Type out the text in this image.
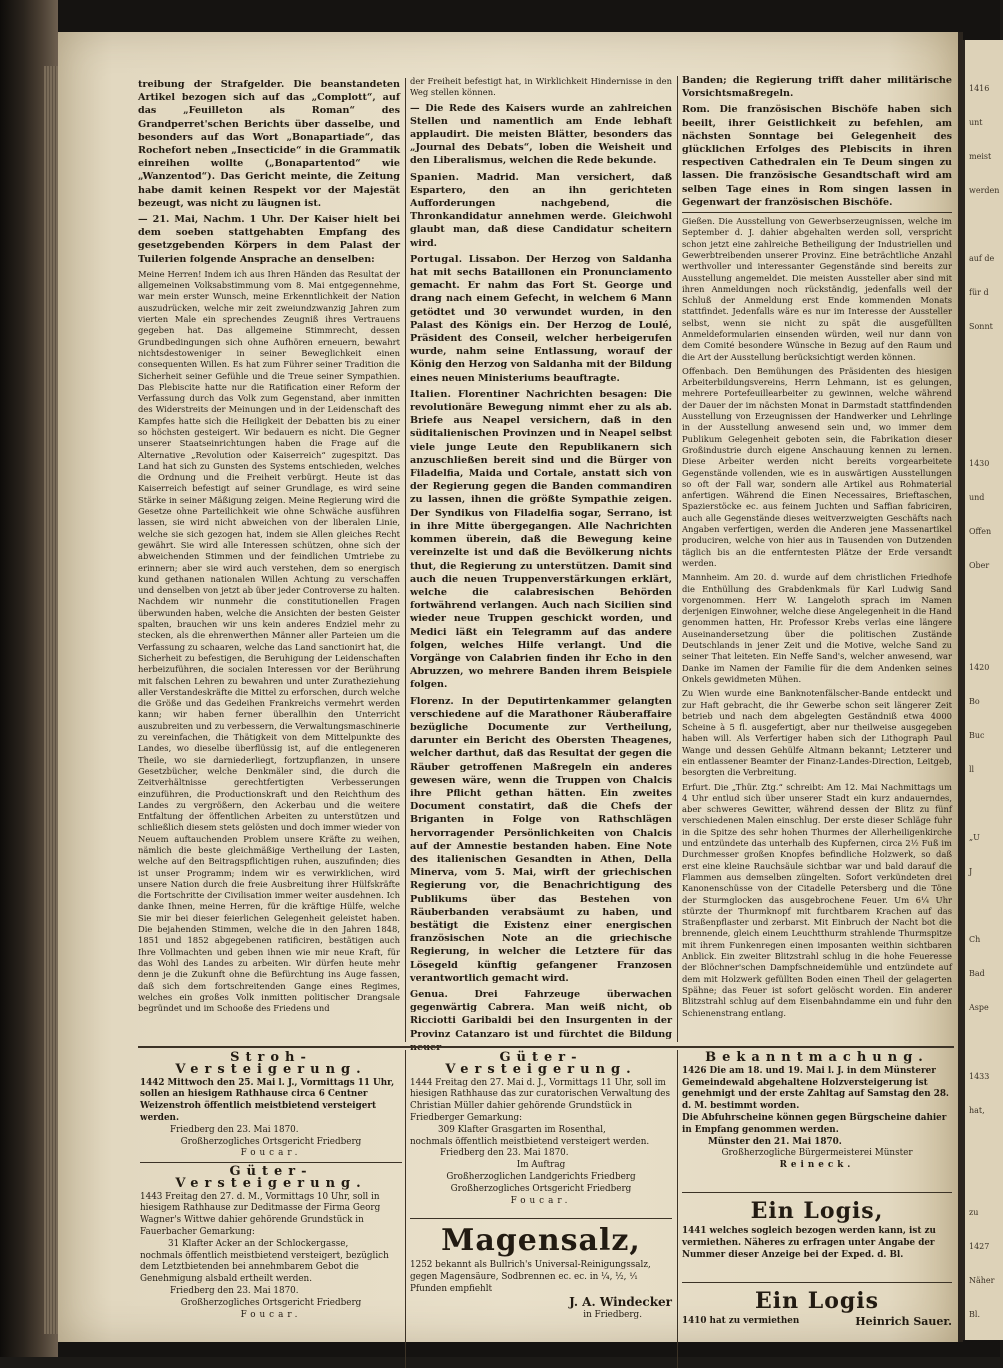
treibung der Strafgelder. Die beanstandeten Artikel bezogen sich auf das „Complott“, auf das „Feuilleton als Roman“ des Grandperret'schen Berichts über dasselbe, und besonders auf das Wort „Bonapartiade“, das Rochefort neben „Insecticide“ in die Grammatik einreihen wollte („Bonapartentod“ wie „Wanzentod“). Das Gericht meinte, die Zeitung habe damit keinen Respekt vor der Majestät bezeugt, was nicht zu läugnen ist.

— 21. Mai, Nachm. 1 Uhr. Der Kaiser hielt bei dem soeben stattgehabten Empfang des gesetzgebenden Körpers in dem Palast der Tuilerien folgende Ansprache an denselben:

Meine Herren! Indem ich aus Ihren Händen das Resultat der allgemeinen Volksabstimmung vom 8. Mai entgegennehme, war mein erster Wunsch, meine Erkenntlichkeit der Nation auszudrücken, welche mir zeit zweiundzwanzig Jahren zum vierten Male ein sprechendes Zeugniß ihres Vertrauens gegeben hat. Das allgemeine Stimmrecht, dessen Grundbedingungen sich ohne Aufhören erneuern, bewahrt nichtsdestoweniger in seiner Beweglichkeit einen consequenten Willen. Es hat zum Führer seiner Tradition die Sicherheit seiner Gefühle und die Treue seiner Sympathien. Das Plebiscite hatte nur die Ratification einer Reform der Verfassung durch das Volk zum Gegenstand, aber inmitten des Widerstreits der Meinungen und in der Leidenschaft des Kampfes hatte sich die Heiligkeit der Debatten bis zu einer so höchsten gesteigert. Wir bedauern es nicht. Die Gegner unserer Staatseinrichtungen haben die Frage auf die Alternative „Revolution oder Kaiserreich“ zugespitzt. Das Land hat sich zu Gunsten des Systems entschieden, welches die Ordnung und die Freiheit verbürgt. Heute ist das Kaiserreich befestigt auf seiner Grundlage, es wird seine Stärke in seiner Mäßigung zeigen. Meine Regierung wird die Gesetze ohne Parteilichkeit wie ohne Schwäche ausführen lassen, sie wird nicht abweichen von der liberalen Linie, welche sie sich gezogen hat, indem sie Allen gleiches Recht gewährt. Sie wird alle Interessen schützen, ohne sich der abweichenden Stimmen und der feindlichen Umtriebe zu erinnern; aber sie wird auch verstehen, dem so energisch kund gethanen nationalen Willen Achtung zu verschaffen und denselben von jetzt ab über jeder Controverse zu halten. Nachdem wir nunmehr die constitutionellen Fragen überwunden haben, welche die Ansichten der besten Geister spalten, brauchen wir uns kein anderes Endziel mehr zu stecken, als die ehrenwerthen Männer aller Parteien um die Verfassung zu schaaren, welche das Land sanctionirt hat, die Sicherheit zu befestigen, die Beruhigung der Leidenschaften herbeizuführen, die socialen Interessen vor der Berührung mit falschen Lehren zu bewahren und unter Zuratheziehung aller Verstandeskräfte die Mittel zu erforschen, durch welche die Größe und das Gedeihen Frankreichs vermehrt werden kann; wir haben ferner überallhin den Unterricht auszubreiten und zu verbessern, die Verwaltungsmaschinerie zu vereinfachen, die Thätigkeit von dem Mittelpunkte des Landes, wo dieselbe überflüssig ist, auf die entlegeneren Theile, wo sie darniederliegt, fortzupflanzen, in unsere Gesetzbücher, welche Denkmäler sind, die durch die Zeitverhältnisse gerechtfertigten Verbesserungen einzuführen, die Productionskraft und den Reichthum des Landes zu vergrößern, den Ackerbau und die weitere Entfaltung der öffentlichen Arbeiten zu unterstützen und schließlich diesem stets gelösten und doch immer wieder von Neuem auftauchenden Problem unsere Kräfte zu weihen, nämlich die beste gleichmäßige Vertheilung der Lasten, welche auf den Beitragspflichtigen ruhen, auszufinden; dies ist unser Programm; indem wir es verwirklichen, wird unsere Nation durch die freie Ausbreitung ihrer Hülfskräfte die Fortschritte der Civilisation immer weiter ausdehnen. Ich danke Ihnen, meine Herren, für die kräftige Hülfe, welche Sie mir bei dieser feierlichen Gelegenheit geleistet haben. Die bejahenden Stimmen, welche die in den Jahren 1848, 1851 und 1852 abgegebenen ratificiren, bestätigen auch Ihre Vollmachten und geben ihnen wie mir neue Kraft, für das Wohl des Landes zu arbeiten. Wir dürfen heute mehr denn je die Zukunft ohne die Befürchtung ins Auge fassen, daß sich dem fortschreitenden Gange eines Regimes, welches ein großes Volk inmitten politischer Drangsale begründet und im Schooße des Friedens und

der Freiheit befestigt hat, in Wirklichkeit Hindernisse in den Weg stellen können.

— Die Rede des Kaisers wurde an zahlreichen Stellen und namentlich am Ende lebhaft applaudirt. Die meisten Blätter, besonders das „Journal des Debats“, loben die Weisheit und den Liberalismus, welchen die Rede bekunde.

Spanien. Madrid. Man versichert, daß Espartero, den an ihn gerichteten Aufforderungen nachgebend, die Thronkandidatur annehmen werde. Gleichwohl glaubt man, daß diese Candidatur scheitern wird.

Portugal. Lissabon. Der Herzog von Saldanha hat mit sechs Bataillonen ein Pronunciamento gemacht. Er nahm das Fort St. George und drang nach einem Gefecht, in welchem 6 Mann getödtet und 30 verwundet wurden, in den Palast des Königs ein. Der Herzog de Loulé, Präsident des Conseil, welcher herbeigerufen wurde, nahm seine Entlassung, worauf der König den Herzog von Saldanha mit der Bildung eines neuen Ministeriums beauftragte.

Italien. Florentiner Nachrichten besagen: Die revolutionäre Bewegung nimmt eher zu als ab. Briefe aus Neapel versichern, daß in den süditalienischen Provinzen und in Neapel selbst viele junge Leute den Republikanern sich anzuschließen bereit sind und die Bürger von Filadelfia, Maida und Cortale, anstatt sich von der Regierung gegen die Banden commandiren zu lassen, ihnen die größte Sympathie zeigen. Der Syndikus von Filadelfia sogar, Serrano, ist in ihre Mitte übergegangen. Alle Nachrichten kommen überein, daß die Bewegung keine vereinzelte ist und daß die Bevölkerung nichts thut, die Regierung zu unterstützen. Damit sind auch die neuen Truppenverstärkungen erklärt, welche die calabresischen Behörden fortwährend verlangen. Auch nach Sicilien sind wieder neue Truppen geschickt worden, und Medici läßt ein Telegramm auf das andere folgen, welches Hilfe verlangt. Und die Vorgänge von Calabrien finden ihr Echo in den Abruzzen, wo mehrere Banden ihrem Beispiele folgen.

Florenz. In der Deputirtenkammer gelangten verschiedene auf die Marathoner Räuberaffaire bezügliche Documente zur Vertheilung, darunter ein Bericht des Obersten Theagenes, welcher darthut, daß das Resultat der gegen die Räuber getroffenen Maßregeln ein anderes gewesen wäre, wenn die Truppen von Chalcis ihre Pflicht gethan hätten. Ein zweites Document constatirt, daß die Chefs der Briganten in Folge von Rathschlägen hervorragender Persönlichkeiten von Chalcis auf der Amnestie bestanden haben. Eine Note des italienischen Gesandten in Athen, Della Minerva, vom 5. Mai, wirft der griechischen Regierung vor, die Benachrichtigung des Publikums über das Bestehen von Räuberbanden verabsäumt zu haben, und bestätigt die Existenz einer energischen französischen Note an die griechische Regierung, in welcher die Letztere für das Lösegeld künftig gefangener Franzosen verantwortlich gemacht wird.

Genua. Drei Fahrzeuge überwachen gegenwärtig Cabrera. Man weiß nicht, ob Ricciotti Garibaldi bei den Insurgenten in der Provinz Catanzaro ist und fürchtet die Bildung

Banden; die Regierung trifft daher militärische Vorsichtsmaßregeln.

Rom. Die französischen Bischöfe haben sich beeilt, ihrer Geistlichkeit zu befehlen, am nächsten Sonntage bei Gelegenheit des glücklichen Erfolges des Plebiscits in ihren respectiven Cathedralen ein Te Deum singen zu lassen. Die französische Gesandtschaft wird am selben Tage eines in Rom singen lassen in Gegenwart der französischen Bischöfe.

Gießen. Die Ausstellung von Gewerbserzeugnissen, welche im September d. J. dahier abgehalten werden soll, verspricht schon jetzt eine zahlreiche Betheiligung der Industriellen und Gewerbtreibenden unserer Provinz. Eine beträchtliche Anzahl werthvoller und interessanter Gegenstände sind bereits zur Ausstellung angemeldet. Die meisten Aussteller aber sind mit ihren Anmeldungen noch rückständig, jedenfalls weil der Schluß der Anmeldung erst Ende kommenden Monats stattfindet. Jedenfalls wäre es nur im Interesse der Aussteller selbst, wenn sie nicht zu spät die ausgefüllten Anmeldeformularien einsenden würden, weil nur dann von dem Comité besondere Wünsche in Bezug auf den Raum und die Art der Ausstellung berücksichtigt werden können.

Offenbach. Den Bemühungen des Präsidenten des hiesigen Arbeiterbildungsvereins, Herrn Lehmann, ist es gelungen, mehrere Portefeuillearbeiter zu gewinnen, welche während der Dauer der im nächsten Monat in Darmstadt stattfindenden Ausstellung von Erzeugnissen der Handwerker und Lehrlinge in der Ausstellung anwesend sein und, wo immer dem Publikum Gelegenheit geboten sein, die Fabrikation dieser Großindustrie durch eigene Anschauung kennen zu lernen. Diese Arbeiter werden nicht bereits vorgearbeitete Gegenstände vollenden, wie es in auswärtigen Ausstellungen so oft der Fall war, sondern alle Artikel aus Rohmaterial anfertigen. Während die Einen Necessaires, Brieftaschen, Spazierstöcke ec. aus feinem Juchten und Saffian fabriciren, auch alle Gegenstände dieses weitverzweigten Geschäfts nach Angaben verfertigen, werden die Anderen jene Massenartikel produciren, welche von hier aus in Tausenden von Dutzenden täglich bis an die entferntesten Plätze der Erde versandt werden.

Mannheim. Am 20. d. wurde auf dem christlichen Friedhofe die Enthüllung des Grabdenkmals für Karl Ludwig Sand vorgenommen. Herr W. Langeloth sprach im Namen derjenigen Einwohner, welche diese Angelegenheit in die Hand genommen hatten, Hr. Professor Krebs verlas eine längere Auseinandersetzung über die politischen Zustände Deutschlands in jener Zeit und die Motive, welche Sand zu seiner That leiteten. Ein Neffe Sand's, welcher anwesend, war Danke im Namen der Familie für die dem Andenken seines Onkels gewidmeten Mühen.

Zu Wien wurde eine Banknotenfälscher-Bande entdeckt und zur Haft gebracht, die ihr Gewerbe schon seit längerer Zeit betrieb und nach dem abgelegten Geständniß etwa 4000 Scheine à 5 fl. ausgefertigt, aber nur theilweise ausgegeben haben will. Als Verfertiger haben sich der Lithograph Paul Wange und dessen Gehülfe Altmann bekannt; Letzterer und ein entlassener Beamter der Finanz-Landes-Direction, Leitgeb, besorgten die Verbreitung.

Erfurt. Die „Thür. Ztg.“ schreibt: Am 12. Mai Nachmittags um 4 Uhr entlud sich über unserer Stadt ein kurz andauerndes, aber schweres Gewitter, während dessen der Blitz zu fünf verschiedenen Malen einschlug. Der erste dieser Schläge fuhr in die Spitze des sehr hohen Thurmes der Allerheiligenkirche und entzündete das unterhalb des Kupfernen, circa 2½ Fuß im Durchmesser großen Knopfes befindliche Holzwerk, so daß erst eine kleine Rauchsäule sichtbar war und bald darauf die Flammen aus demselben züngelten. Sofort verkündeten drei Kanonenschüsse von der Citadelle Petersberg und die Töne der Sturmglocken das ausgebrochene Feuer. Um 6¼ Uhr stürzte der Thurmknopf mit furchtbarem Krachen auf das Straßenpflaster und zerbarst. Mit Einbruch der Nacht bot die brennende, gleich einem Leuchtthurm strahlende Thurmspitze mit ihrem Funkenregen einen imposanten weithin sichtbaren Anblick. Ein zweiter Blitzstrahl schlug in die hohe Feueresse der Blöchner'schen Dampfschneidemühle und entzündete auf dem mit Holzwerk gefüllten Boden einen Theil der gelagerten Spähne; das Feuer ist sofort gelöscht worden. Ein anderer Blitzstrahl schlug auf dem Eisenbahndamme ein und fuhr den Schienenstrang entlang.

Stroh-Versteigerung.

1442 Mittwoch den 25. Mai l. J., Vormittags 11 Uhr, sollen an hiesigem Rathhause circa 6 Centner Weizenstroh öffentlich meistbietend versteigert werden.

Friedberg den 23. Mai 1870.

Großherzogliches Ortsgericht Friedberg

Foucar.

Güter-Versteigerung.

1443 Freitag den 27. d. M., Vormittags 10 Uhr, soll in hiesigem Rathhause zur Deditmasse der Firma Georg Wagner's Wittwe dahier gehörende Grundstück in Fauerbacher Gemarkung:

31 Klafter Acker an der Schlockergasse,

nochmals öffentlich meistbietend versteigert, bezüglich dem Letztbietenden bei annehmbarem Gebot die Genehmigung alsbald ertheilt werden.

Friedberg den 23. Mai 1870.

Großherzogliches Ortsgericht Friedberg

Foucar.

Güter-Versteigerung.

1444 Freitag den 27. Mai d. J., Vormittags 11 Uhr, soll im hiesigen Rathhause das zur curatorischen Verwaltung des Christian Müller dahier gehörende Grundstück in Friedberger Gemarkung:

309 Klafter Grasgarten im Rosenthal,

nochmals öffentlich meistbietend versteigert werden.

Friedberg den 23. Mai 1870.

Im Auftrag

Großherzoglichen Landgerichts Friedberg

Großherzogliches Ortsgericht Friedberg

Foucar.

Magensalz,

1252 bekannt als Bullrich's Universal-Reinigungssalz, gegen Magensäure, Sodbrennen ec. ec. in ¼, ½, ¹⁄₁ Pfunden empfiehlt

J. A. Windecker

in Friedberg.

Bekanntmachung.

1426 Die am 18. und 19. Mai l. J. in dem Münsterer Gemeindewald abgehaltene Holzversteigerung ist genehmigt und der erste Zahltag auf Samstag den 28. d. M. bestimmt worden.

Die Abfuhrscheine können gegen Bürgscheine dahier in Empfang genommen werden.

Münster den 21. Mai 1870.

Großherzogliche Bürgermeisterei Münster

Reineck.

Ein Logis,

1441 welches sogleich bezogen werden kann, ist zu vermiethen. Näheres zu erfragen unter Angabe der Nummer dieser Anzeige bei der Exped. d. Bl.

Ein Logis

1410 hat zu vermiethen	Heinrich Sauer.

1416
unt
meist
werden
auf de
für d
Sonnt
1430
und
Offen
Ober
1420
Bo
Buc
ll
„U
J
Ch
Bad
Aspe
1433
hat,
zu
1427
Näher
Bl.
